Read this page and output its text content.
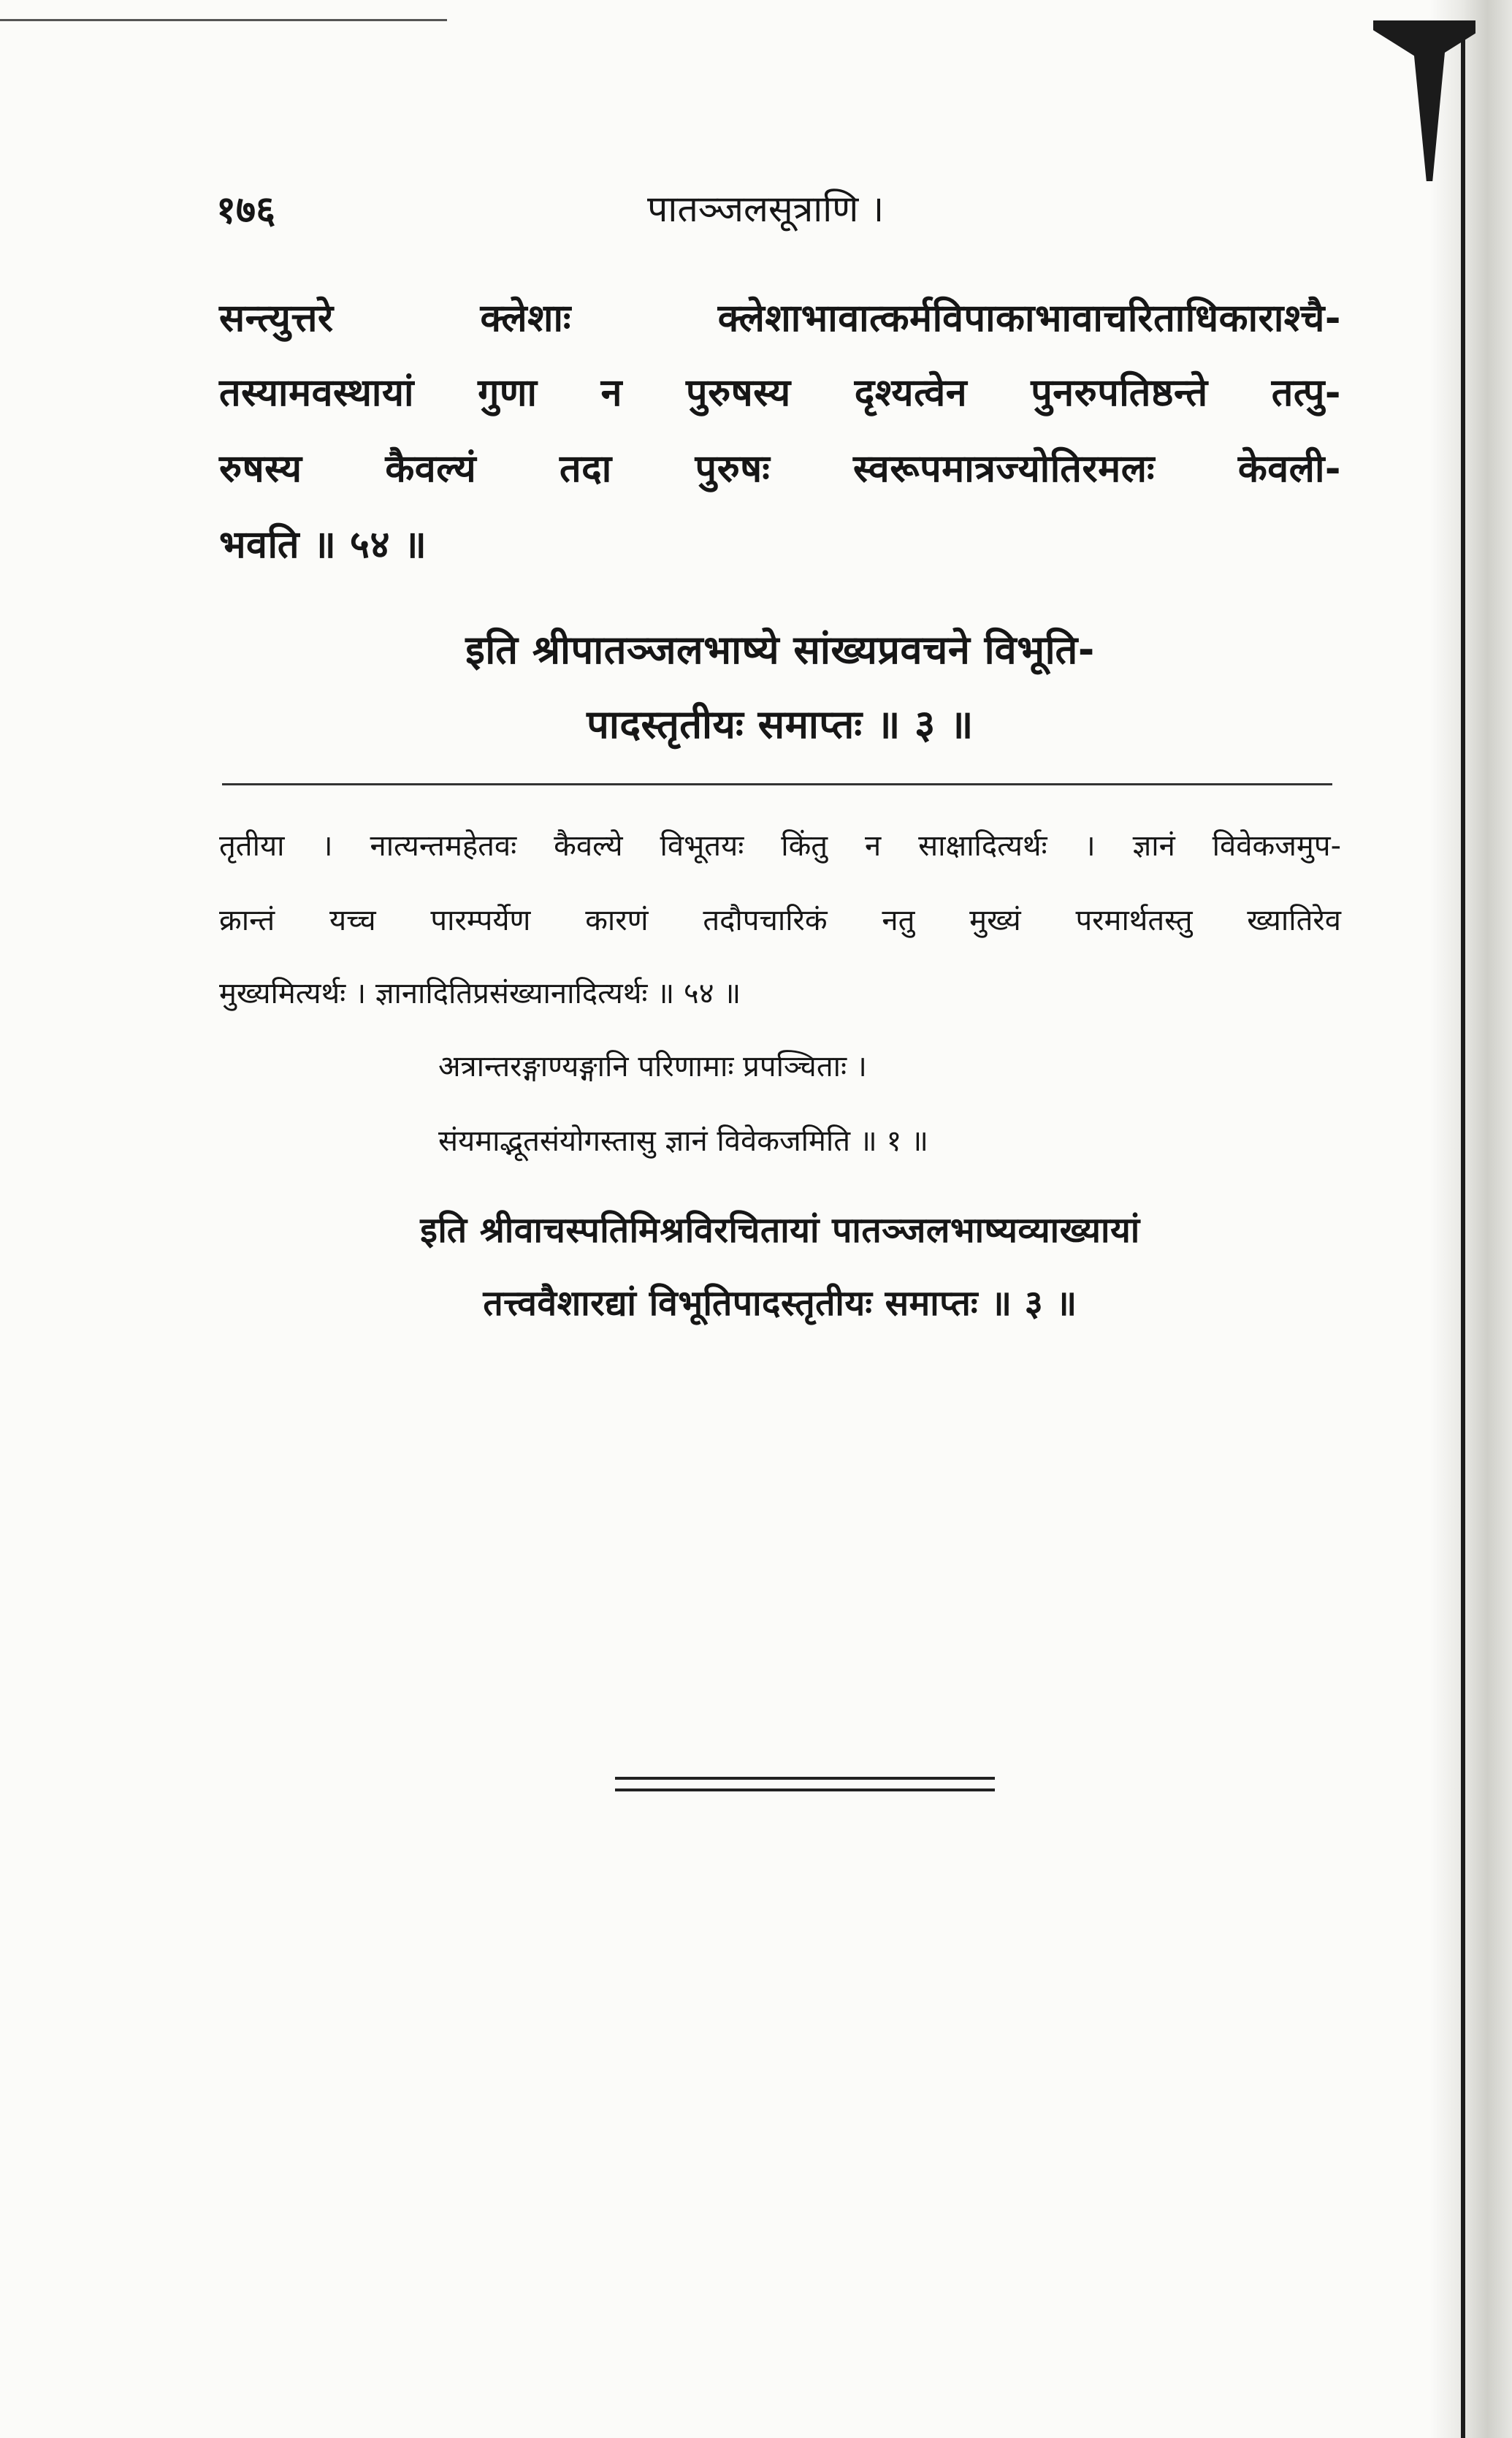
१७६	पातञ्जलसूत्राणि ।
सन्त्युत्तरे क्लेशाः क्लेशाभावात्कर्मविपाकाभावाचरिताधिकाराश्चै-
तस्यामवस्थायां गुणा न पुरुषस्य दृश्यत्वेन पुनरुपतिष्ठन्ते तत्पु-
रुषस्य कैवल्यं तदा पुरुषः स्वरूपमात्रज्योतिरमलः केवली-
भवति ॥ ५४ ॥
इति श्रीपातञ्जलभाष्ये सांख्यप्रवचने विभूति-
पादस्तृतीयः समाप्तः ॥ ३ ॥
तृतीया । नात्यन्तमहेतवः कैवल्ये विभूतयः किंतु न साक्षादित्यर्थः । ज्ञानं विवेकजमुप-
क्रान्तं यच्च पारम्पर्येण कारणं तदौपचारिकं नतु मुख्यं परमार्थतस्तु ख्यातिरेव
मुख्यमित्यर्थः । ज्ञानादितिप्रसंख्यानादित्यर्थः ॥ ५४ ॥
अत्रान्तरङ्गाण्यङ्गानि परिणामाः प्रपञ्चिताः ।
संयमाद्भूतसंयोगस्तासु ज्ञानं विवेकजमिति ॥ १ ॥
इति श्रीवाचस्पतिमिश्रविरचितायां पातञ्जलभाष्यव्याख्यायां
तत्त्ववैशारद्यां विभूतिपादस्तृतीयः समाप्तः ॥ ३ ॥
